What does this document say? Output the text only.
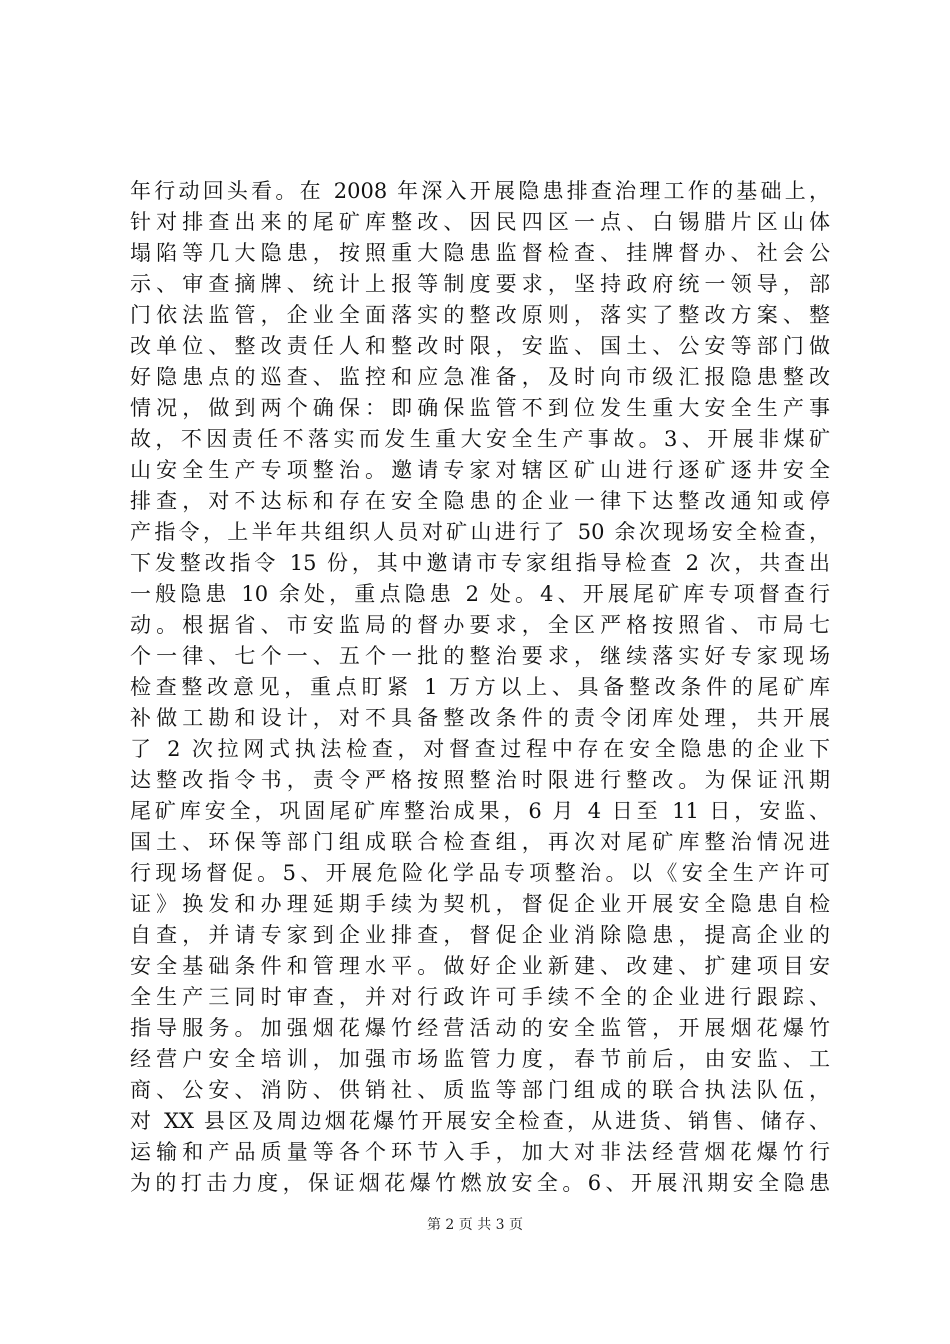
年行动回头看。在 2008 年深入开展隐患排查治理工作的基础上，
针对排查出来的尾矿库整改、因民四区一点、白锡腊片区山体
塌陷等几大隐患，按照重大隐患监督检查、挂牌督办、社会公
示、审查摘牌、统计上报等制度要求，坚持政府统一领导，部
门依法监管，企业全面落实的整改原则，落实了整改方案、整
改单位、整改责任人和整改时限，安监、国土、公安等部门做
好隐患点的巡查、监控和应急准备，及时向市级汇报隐患整改
情况，做到两个确保：即确保监管不到位发生重大安全生产事
故，不因责任不落实而发生重大安全生产事故。3、开展非煤矿
山安全生产专项整治。邀请专家对辖区矿山进行逐矿逐井安全
排查，对不达标和存在安全隐患的企业一律下达整改通知或停
产指令，上半年共组织人员对矿山进行了 50 余次现场安全检查，
下发整改指令 15 份，其中邀请市专家组指导检查 2 次，共查出
一般隐患 10 余处，重点隐患 2 处。4、开展尾矿库专项督查行
动。根据省、市安监局的督办要求，全区严格按照省、市局七
个一律、七个一、五个一批的整治要求，继续落实好专家现场
检查整改意见，重点盯紧 1 万方以上、具备整改条件的尾矿库
补做工勘和设计，对不具备整改条件的责令闭库处理，共开展
了 2 次拉网式执法检查，对督查过程中存在安全隐患的企业下
达整改指令书，责令严格按照整治时限进行整改。为保证汛期
尾矿库安全，巩固尾矿库整治成果，6 月 4 日至 11 日，安监、
国土、环保等部门组成联合检查组，再次对尾矿库整治情况进
行现场督促。5、开展危险化学品专项整治。以《安全生产许可
证》换发和办理延期手续为契机，督促企业开展安全隐患自检
自查，并请专家到企业排查，督促企业消除隐患，提高企业的
安全基础条件和管理水平。做好企业新建、改建、扩建项目安
全生产三同时审查，并对行政许可手续不全的企业进行跟踪、
指导服务。加强烟花爆竹经营活动的安全监管，开展烟花爆竹
经营户安全培训，加强市场监管力度，春节前后，由安监、工
商、公安、消防、供销社、质监等部门组成的联合执法队伍，
对 XX 县区及周边烟花爆竹开展安全检查，从进货、销售、储存、
运输和产品质量等各个环节入手，加大对非法经营烟花爆竹行
为的打击力度，保证烟花爆竹燃放安全。6、开展汛期安全隐患
第 2 页 共 3 页
